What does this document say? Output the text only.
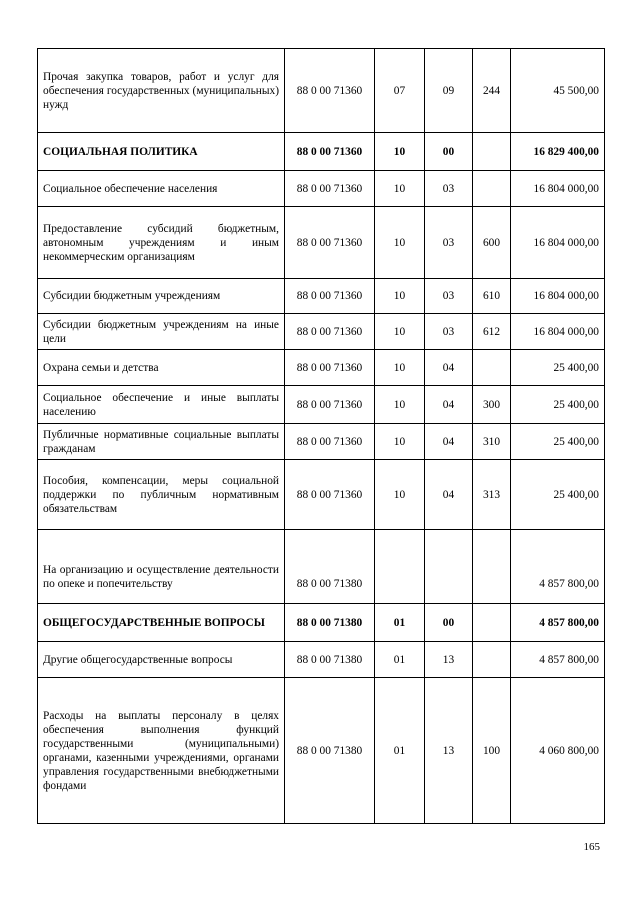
Прочая закупка товаров, работ и услуг для обеспечения государственных (муниципальных) нужд	88 0 00 71360	07	09	244	45 500,00
СОЦИАЛЬНАЯ ПОЛИТИКА	88 0 00 71360	10	00		16 829 400,00
Социальное обеспечение населения	88 0 00 71360	10	03		16 804 000,00
Предоставление субсидий бюджетным, автономным учреждениям и иным некоммерческим организациям	88 0 00 71360	10	03	600	16 804 000,00
Субсидии бюджетным учреждениям	88 0 00 71360	10	03	610	16 804 000,00
Субсидии бюджетным учреждениям на иные цели	88 0 00 71360	10	03	612	16 804 000,00
Охрана семьи и детства	88 0 00 71360	10	04		25 400,00
Социальное обеспечение и иные выплаты населению	88 0 00 71360	10	04	300	25 400,00
Публичные нормативные социальные выплаты гражданам	88 0 00 71360	10	04	310	25 400,00
Пособия, компенсации, меры социальной поддержки по публичным нормативным обязательствам	88 0 00 71360	10	04	313	25 400,00
На организацию и осуществление деятельности по опеке и попечительству	88 0 00 71380				4 857 800,00
ОБЩЕГОСУДАРСТВЕННЫЕ ВОПРОСЫ	88 0 00 71380	01	00		4 857 800,00
Другие общегосударственные вопросы	88 0 00 71380	01	13		4 857 800,00
Расходы на выплаты персоналу в целях обеспечения выполнения функций государственными (муниципальными) органами, казенными учреждениями, органами управления государственными внебюджетными фондами	88 0 00 71380	01	13	100	4 060 800,00
165
